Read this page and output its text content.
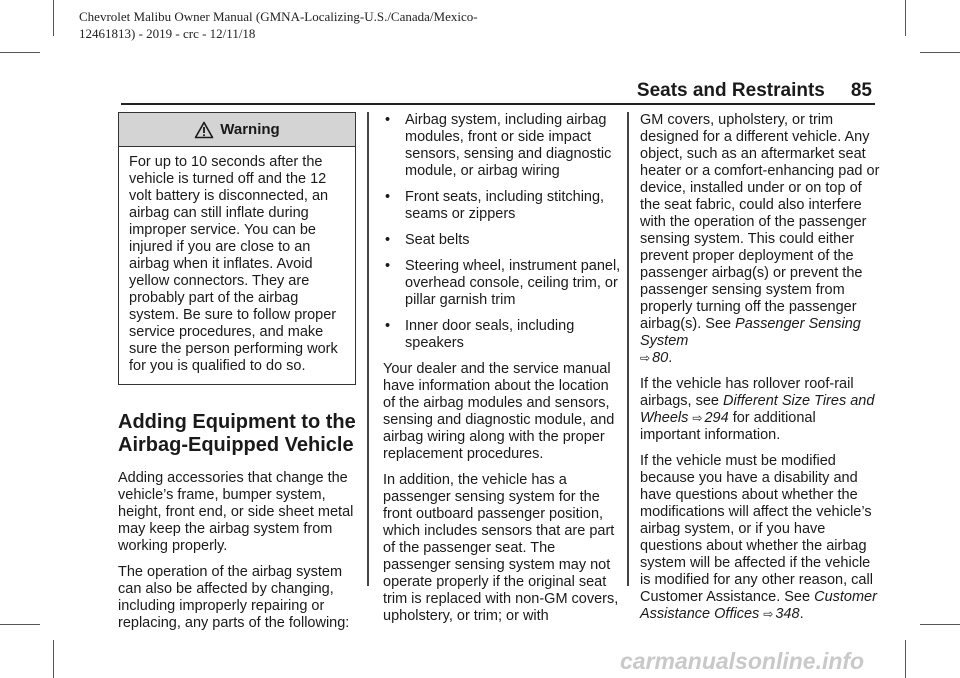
Chevrolet Malibu Owner Manual (GMNA-Localizing-U.S./Canada/Mexico-
12461813) - 2019 - crc - 12/11/18
Seats and Restraints 85
Warning
For up to 10 seconds after the vehicle is turned off and the 12 volt battery is disconnected, an airbag can still inflate during improper service. You can be injured if you are close to an airbag when it inflates. Avoid yellow connectors. They are probably part of the airbag system. Be sure to follow proper service procedures, and make sure the person performing work for you is qualified to do so.
Adding Equipment to the Airbag-Equipped Vehicle

Adding accessories that change the vehicle’s frame, bumper system, height, front end, or side sheet metal may keep the airbag system from working properly.

The operation of the airbag system can also be affected by changing, including improperly repairing or replacing, any parts of the following:

• Airbag system, including airbag modules, front or side impact sensors, sensing and diagnostic module, or airbag wiring
• Front seats, including stitching, seams or zippers
• Seat belts
• Steering wheel, instrument panel, overhead console, ceiling trim, or pillar garnish trim
• Inner door seals, including speakers

Your dealer and the service manual have information about the location of the airbag modules and sensors, sensing and diagnostic module, and airbag wiring along with the proper replacement procedures.

In addition, the vehicle has a passenger sensing system for the front outboard passenger position, which includes sensors that are part of the passenger seat. The passenger sensing system may not operate properly if the original seat trim is replaced with non-GM covers, upholstery, or trim; or with

GM covers, upholstery, or trim designed for a different vehicle. Any object, such as an aftermarket seat heater or a comfort-enhancing pad or device, installed under or on top of the seat fabric, could also interfere with the operation of the passenger sensing system. This could either prevent proper deployment of the passenger airbag(s) or prevent the passenger sensing system from properly turning off the passenger airbag(s). See Passenger Sensing System
⇨ 80.

If the vehicle has rollover roof-rail airbags, see Different Size Tires and Wheels ⇨ 294 for additional important information.

If the vehicle must be modified because you have a disability and have questions about whether the modifications will affect the vehicle’s airbag system, or if you have questions about whether the airbag system will be affected if the vehicle is modified for any other reason, call Customer Assistance. See Customer Assistance Offices ⇨ 348.

carmanualsonline.info
